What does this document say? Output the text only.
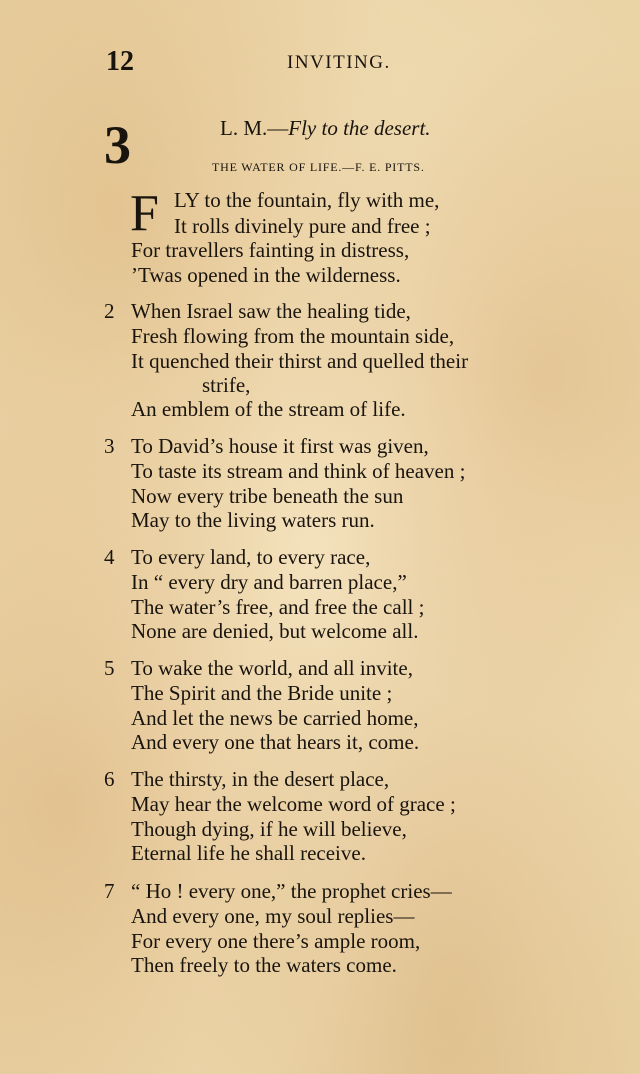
12	INVITING.
3	L. M.—Fly to the desert.
THE WATER OF LIFE.—F. E. PITTS.
F LY to the fountain, fly with me,
It rolls divinely pure and free ;
For travellers fainting in distress,
’Twas opened in the wilderness.
2 When Israel saw the healing tide,
Fresh flowing from the mountain side,
It quenched their thirst and quelled their
strife,
An emblem of the stream of life.
3 To David’s house it first was given,
To taste its stream and think of heaven ;
Now every tribe beneath the sun
May to the living waters run.
4 To every land, to every race,
In “ every dry and barren place,”
The water’s free, and free the call ;
None are denied, but welcome all.
5 To wake the world, and all invite,
The Spirit and the Bride unite ;
And let the news be carried home,
And every one that hears it, come.
6 The thirsty, in the desert place,
May hear the welcome word of grace ;
Though dying, if he will believe,
Eternal life he shall receive.
7 “ Ho ! every one,” the prophet cries—
And every one, my soul replies—
For every one there’s ample room,
Then freely to the waters come.
